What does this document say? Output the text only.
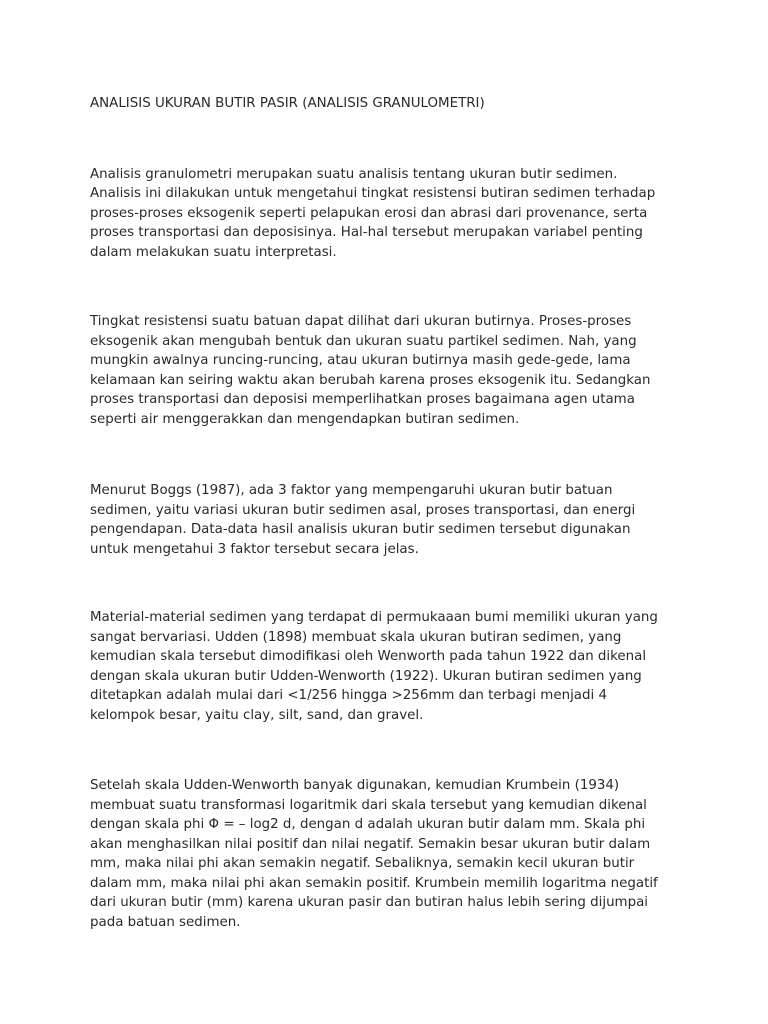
ANALISIS UKURAN BUTIR PASIR (ANALISIS GRANULOMETRI)

Analisis granulometri merupakan suatu analisis tentang ukuran butir sedimen.
Analisis ini dilakukan untuk mengetahui tingkat resistensi butiran sedimen terhadap
proses-proses eksogenik seperti pelapukan erosi dan abrasi dari provenance, serta
proses transportasi dan deposisinya. Hal-hal tersebut merupakan variabel penting
dalam melakukan suatu interpretasi.

Tingkat resistensi suatu batuan dapat dilihat dari ukuran butirnya. Proses-proses
eksogenik akan mengubah bentuk dan ukuran suatu partikel sedimen. Nah, yang
mungkin awalnya runcing-runcing, atau ukuran butirnya masih gede-gede, lama
kelamaan kan seiring waktu akan berubah karena proses eksogenik itu. Sedangkan
proses transportasi dan deposisi memperlihatkan proses bagaimana agen utama
seperti air menggerakkan dan mengendapkan butiran sedimen.

Menurut Boggs (1987), ada 3 faktor yang mempengaruhi ukuran butir batuan
sedimen, yaitu variasi ukuran butir sedimen asal, proses transportasi, dan energi
pengendapan. Data-data hasil analisis ukuran butir sedimen tersebut digunakan
untuk mengetahui 3 faktor tersebut secara jelas.

Material-material sedimen yang terdapat di permukaaan bumi memiliki ukuran yang
sangat bervariasi. Udden (1898) membuat skala ukuran butiran sedimen, yang
kemudian skala tersebut dimodifikasi oleh Wenworth pada tahun 1922 dan dikenal
dengan skala ukuran butir Udden-Wenworth (1922). Ukuran butiran sedimen yang
ditetapkan adalah mulai dari <1/256 hingga >256mm dan terbagi menjadi 4
kelompok besar, yaitu clay, silt, sand, dan gravel.

Setelah skala Udden-Wenworth banyak digunakan, kemudian Krumbein (1934)
membuat suatu transformasi logaritmik dari skala tersebut yang kemudian dikenal
dengan skala phi Φ = – log2 d, dengan d adalah ukuran butir dalam mm. Skala phi
akan menghasilkan nilai positif dan nilai negatif. Semakin besar ukuran butir dalam
mm, maka nilai phi akan semakin negatif. Sebaliknya, semakin kecil ukuran butir
dalam mm, maka nilai phi akan semakin positif. Krumbein memilih logaritma negatif
dari ukuran butir (mm) karena ukuran pasir dan butiran halus lebih sering dijumpai
pada batuan sedimen.
